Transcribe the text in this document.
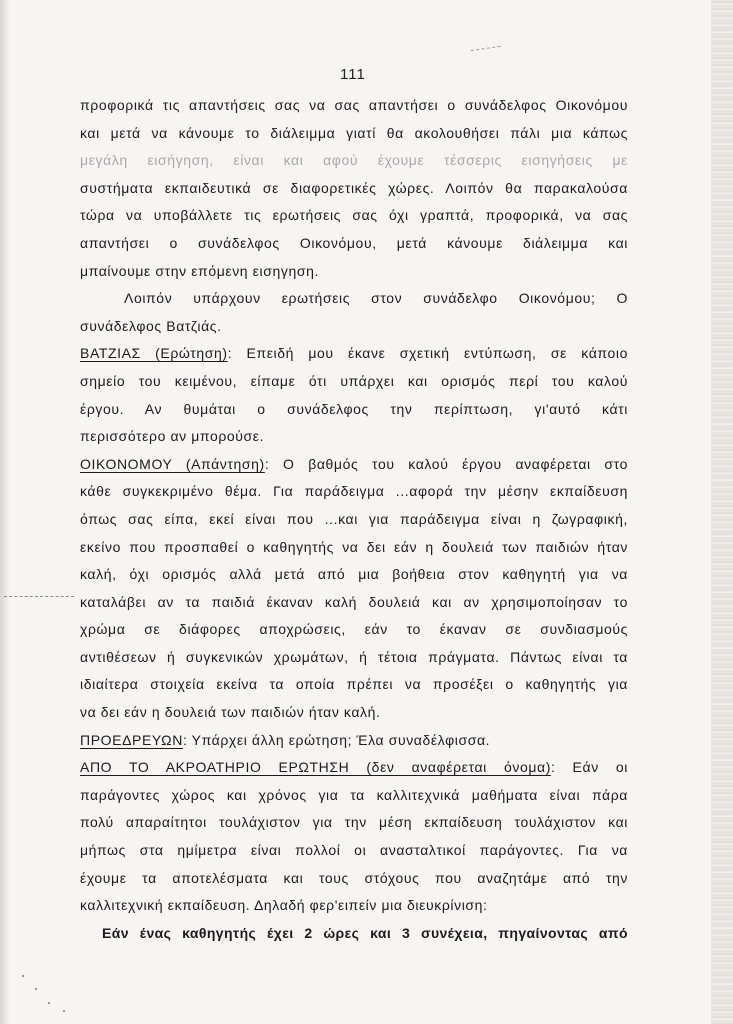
111
προφορικά τις απαντήσεις σας να σας απαντήσει ο συνάδελφος Οικονόμου
και μετά να κάνουμε το διάλειμμα γιατί θα ακολουθήσει πάλι μια κάπως
μεγάλη εισήγηση, είναι και αφού έχουμε τέσσερις εισηγήσεις με
συστήματα εκπαιδευτικά σε διαφορετικές χώρες. Λοιπόν θα παρακαλούσα
τώρα να υποβάλλετε τις ερωτήσεις σας όχι γραπτά, προφορικά, να σας
απαντήσει ο συνάδελφος Οικονόμου, μετά κάνουμε διάλειμμα και
μπαίνουμε στην επόμενη εισηγηση.
Λοιπόν υπάρχουν ερωτήσεις στον συνάδελφο Οικονόμου; Ο
συνάδελφος Βατζιάς.
ΒΑΤΖΙΑΣ (Ερώτηση): Επειδή μου έκανε σχετική εντύπωση, σε κάποιο
σημείο του κειμένου, είπαμε ότι υπάρχει και ορισμός περί του καλού
έργου. Αν θυμάται ο συνάδελφος την περίπτωση, γι'αυτό κάτι
περισσότερο αν μπορούσε.
ΟΙΚΟΝΟΜΟΥ (Απάντηση): Ο βαθμός του καλού έργου αναφέρεται στο
κάθε συγκεκριμένο θέμα. Για παράδειγμα ...αφορά την μέσην εκπαίδευση
όπως σας είπα, εκεί είναι που ...και για παράδειγμα είναι η ζωγραφική,
εκείνο που προσπαθεί ο καθηγητής να δει εάν η δουλειά των παιδιών ήταν
καλή, όχι ορισμός αλλά μετά από μια βοήθεια στον καθηγητή για να
καταλάβει αν τα παιδιά έκαναν καλή δουλειά και αν χρησιμοποίησαν το
χρώμα σε διάφορες αποχρώσεις, εάν το έκαναν σε συνδιασμούς
αντιθέσεων ή συγκενικών χρωμάτων, ή τέτοια πράγματα. Πάντως είναι τα
ιδιαίτερα στοιχεία εκείνα τα οποία πρέπει να προσέξει ο καθηγητής για
να δει εάν η δουλειά των παιδιών ήταν καλή.
ΠΡΟΕΔΡΕΥΩΝ: Υπάρχει άλλη ερώτηση; Έλα συναδέλφισσα.
ΑΠΟ ΤΟ ΑΚΡΟΑΤΗΡΙΟ ΕΡΩΤΗΣΗ (δεν αναφέρεται όνομα): Εάν οι
παράγοντες χώρος και χρόνος για τα καλλιτεχνικά μαθήματα είναι πάρα
πολύ απαραίτητοι τουλάχιστον για την μέση εκπαίδευση τουλάχιστον και
μήπως στα ημίμετρα είναι πολλοί οι ανασταλτικοί παράγοντες. Για να
έχουμε τα αποτελέσματα και τους στόχους που αναζητάμε από την
καλλιτεχνική εκπαίδευση. Δηλαδή φερ'ειπείν μια διευκρίνιση:
Εάν ένας καθηγητής έχει 2 ώρες και 3 συνέχεια, πηγαίνοντας από
